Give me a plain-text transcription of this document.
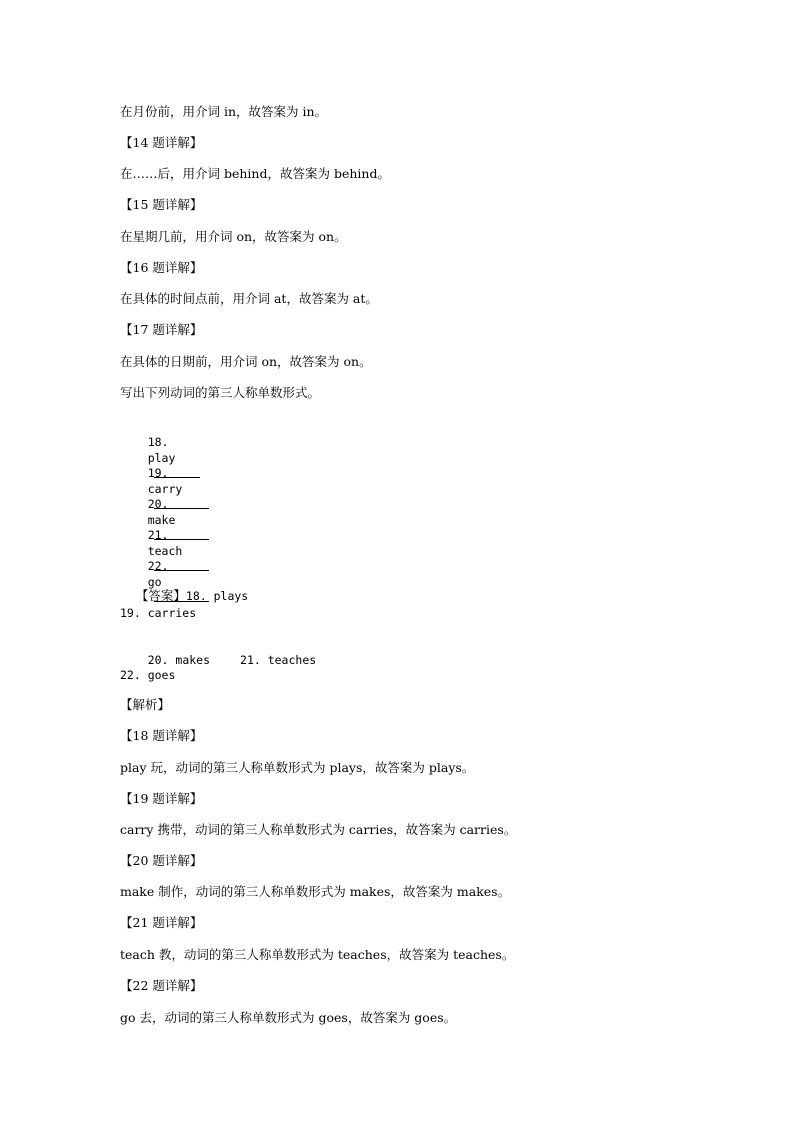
在月份前，用介词 in，故答案为 in。
【14 题详解】
在……后，用介词 behind，故答案为 behind。
【15 题详解】
在星期几前，用介词 on，故答案为 on。
【16 题详解】
在具体的时间点前，用介词 at，故答案为 at。
【17 题详解】
在具体的日期前，用介词 on，故答案为 on。
写出下列动词的第三人称单数形式。

18.
play

19.
carry

20.
make

21.
teach

22.
go

【答案】18. plays

19. carries

20. makes	21. teaches

22. goes
【解析】
【18 题详解】
play 玩，动词的第三人称单数形式为 plays，故答案为 plays。
【19 题详解】
carry 携带，动词的第三人称单数形式为 carries，故答案为 carries。
【20 题详解】
make 制作，动词的第三人称单数形式为 makes，故答案为 makes。
【21 题详解】
teach 教，动词的第三人称单数形式为 teaches，故答案为 teaches。
【22 题详解】
go 去，动词的第三人称单数形式为 goes，故答案为 goes。
